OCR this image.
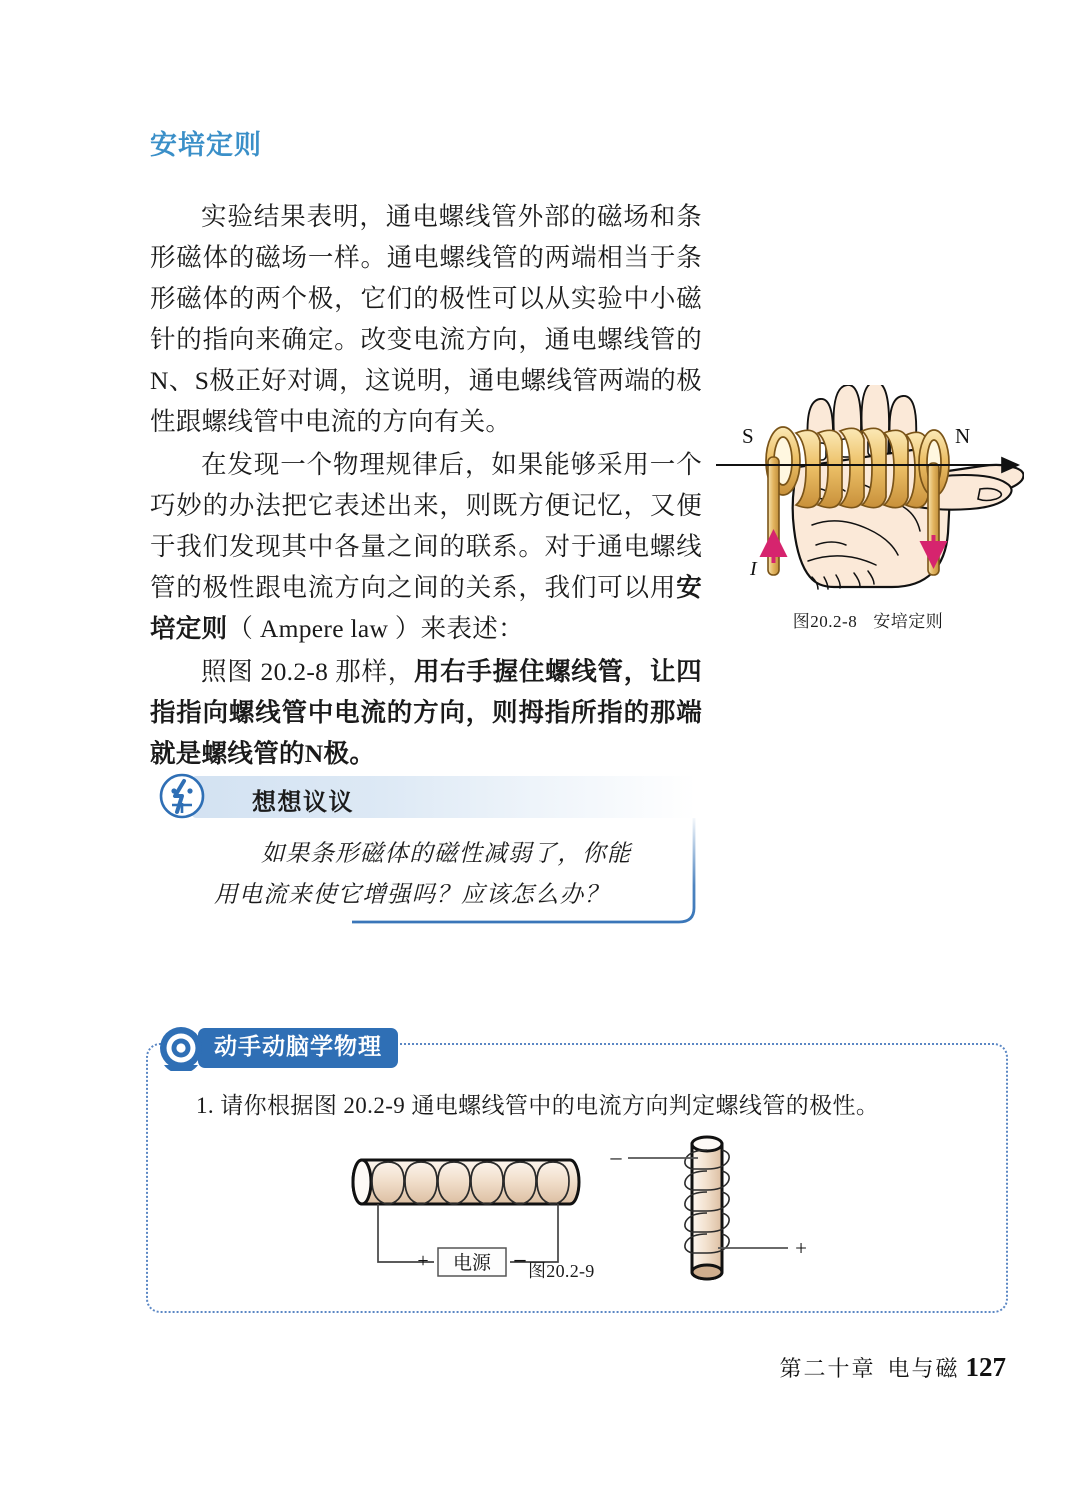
安培定则

实验结果表明，通电螺线管外部的磁场和条形磁体的磁场一样。通电螺线管的两端相当于条形磁体的两个极，它们的极性可以从实验中小磁针的指向来确定。改变电流方向，通电螺线管的N、S极正好对调，这说明，通电螺线管两端的极性跟螺线管中电流的方向有关。

在发现一个物理规律后，如果能够采用一个巧妙的办法把它表述出来，则既方便记忆，又便于我们发现其中各量之间的联系。对于通电螺线管的极性跟电流方向之间的关系，我们可以用安培定则（ Ampere law ）来表述：

照图 20.2-8 那样，用右手握住螺线管，让四指指向螺线管中电流的方向，则拇指所指的那端就是螺线管的N极。

S	N
I
图20.2-8 安培定则
如果条形磁体的磁性减弱了，你能用电流来使它增强吗？应该怎么办？
想想议议
动手动脑学物理
1. 请你根据图 20.2-9 通电螺线管中的电流方向判定螺线管的极性。
电源
+	–
–
+
图20.2-9
第二十章 电与磁 127
